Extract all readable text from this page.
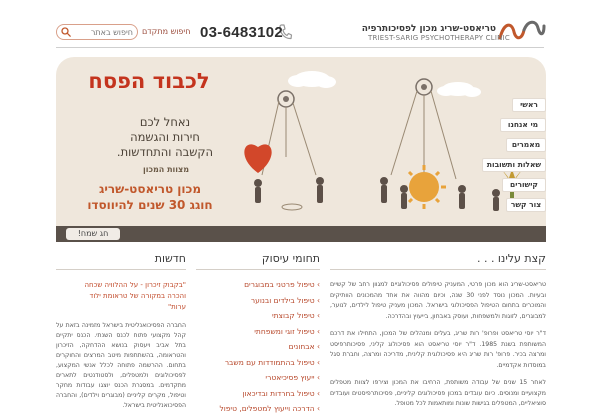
טריאסט-שריג מכון לפסיכותרפיה
TRIEST-SARIG PSYCHOTHERAPY CLINIC
03-6483102
חיפוש מתקדם
חיפוש באתר
לכבוד הפסח
נאחל לכם
חירות והגשמה
הקשבה והתחדשות.
מצוות המכון
מכון טריאסט-שריג
חוגג 30 שנים להיווסדו
חג שמח!
ראשי
מי אנחנו
מאמרים
שאלות ותשובות
קישורים
צור קשר
קצת עלינו . . .

טריאסט-שריג הוא מכון פרטי, המעניק טיפולים פסיכולוגיים למגוון רחב של קשיים ובעיות. המכון נוסד לפני 30 שנה, וכיום מהווה את אחד מהמכונים הוותיקים והמוכרים בתחום הטיפול הפסיכולוגי בישראל. המכון מעניק טיפול לילדים, לנוער, למבוגרים, לזוגות ולמשפחות, ועוסק באבחון, בייעוץ ובהדרכה.

ד"ר יוסי טריאסט ופרופ' רות שריג, בעלים ומנהלים של המכון, התחילו את דרכם המשותפת בשנת 1985. ד"ר יוסי טריאסט הוא פסיכולוג קליני, פסיכותרפיסט ומרצה בכיר. פרופ' רות שריג היא פסיכולוגית קלינית, מדריכה ומרצה, וחברת סגל במוסדות אקדמיים.

לאחר 15 שנים של עבודה משותפת, הרחיבו את המכון וצירפו לצוות מטפלים מקצועיים ומנוסים. כיום עובדים במכון פסיכולוגים קליניים, פסיכותרפיסטים ועובדים סוציאליים, המטפלים בגישות שונות ומותאמות לכל מטופל.

תחומי עיסוק
› טיפול פרטני במבוגרים
› טיפול בילדים ובנוער
› טיפול קבוצתי
› טיפול זוגי ומשפחתי
› אבחונים
› טיפול בהתמודדות עם משבר
› ייעוץ פסיכיאטרי
› טיפול בחרדות ובדיכאון
› הדרכה וייעוץ למטפלים, טיפול
חדשות
"בקבוק זיכרון - על ההלוויה שכחה
והכרה במקורה של טראומת ילוד
ערות"
החברה הפסיכואנליטית בישראל מזמינה בזאת על קהל מקצועי פתוח לכנס השנתי. הכנס יתקיים בתל אביב ויעסוק בנושא ההדחקה, הזיכרון והטראומה, בהשתתפות מיטב המרצים והחוקרים בתחום. ההרשמה פתוחה לכלל אנשי המקצוע, לפסיכולוגים ולמטפלים, ולסטודנטים לתארים מתקדמים. במסגרת הכנס יוצגו עבודות מחקר וטיפול, מקרים קליניים (מבוגרים וילדים), והחברה הפסיכואנליטית בישראל.
